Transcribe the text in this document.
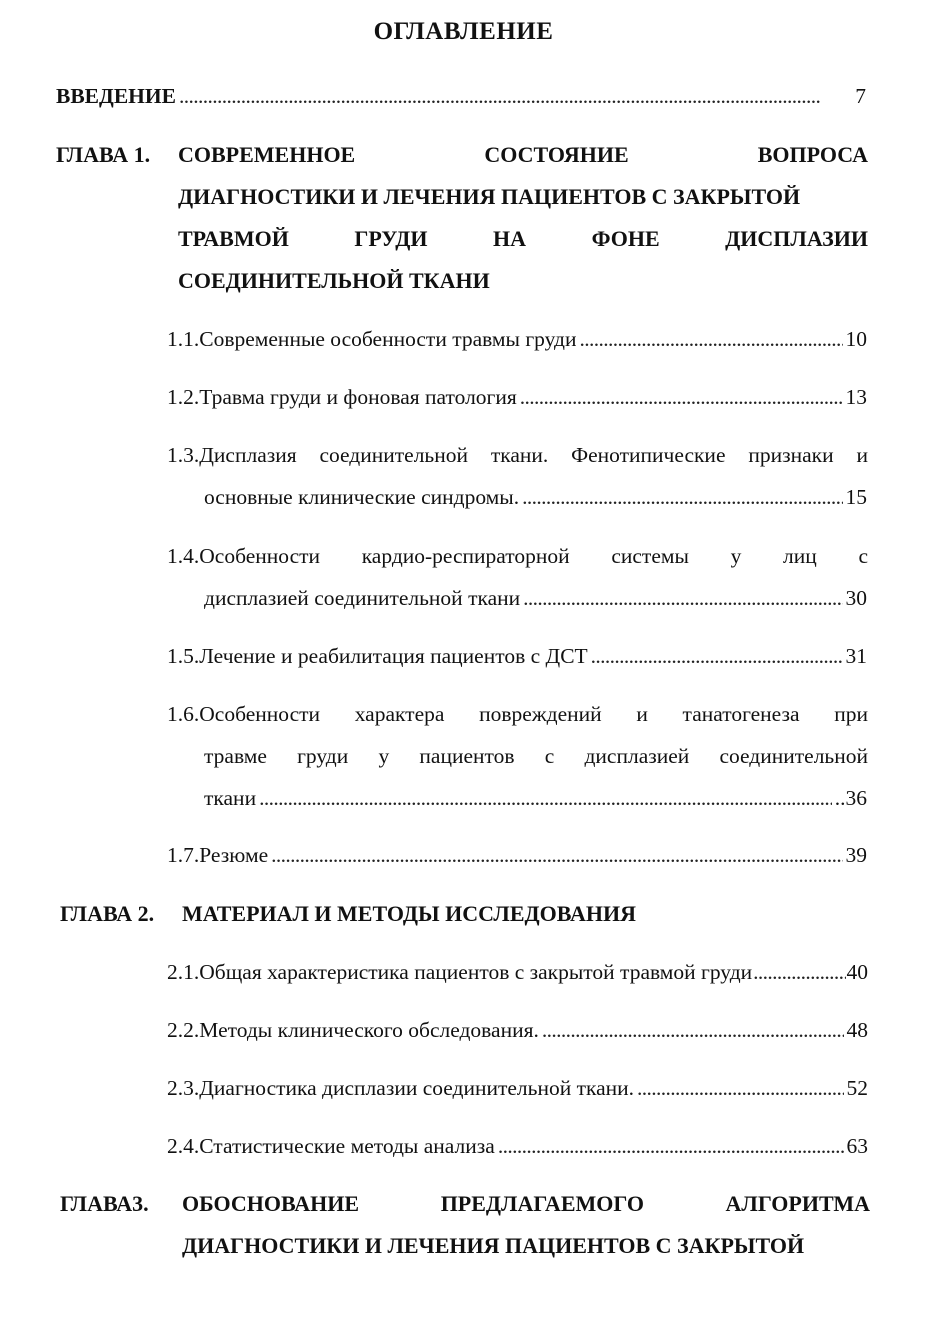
ОГЛАВЛЕНИЕ
ВВЕДЕНИЕ . . .	7
ГЛАВА 1. СОВРЕМЕННОЕ	СОСТОЯНИЕ	ВОПРОСА
ДИАГНОСТИКИ И ЛЕЧЕНИЯ ПАЦИЕНТОВ С ЗАКРЫТОЙ
ТРАВМОЙ	ГРУДИ	НА	ФОНЕ	ДИСПЛАЗИИ
СОЕДИНИТЕЛЬНОЙ ТКАНИ
1.1.Современные особенности травмы груди . . .	10
1.2.Травма груди и фоновая патология . . .	13
1.3.Дисплазия соединительной ткани. Фенотипические признаки и
основные клинические синдромы. . . .	15
1.4.Особенности кардио-респираторной системы у лиц с
дисплазией соединительной ткани . . .	30
1.5.Лечение и реабилитация пациентов с ДСТ . . .	31
1.6.Особенности характера повреждений и танатогенеза при
травме груди у пациентов с дисплазией соединительной
ткани . . .	..36
1.7.Резюме . . .	39
ГЛАВА 2. МАТЕРИАЛ И МЕТОДЫ ИССЛЕДОВАНИЯ
2.1.Общая характеристика пациентов с закрытой травмой груди . . .	40
2.2.Методы клинического обследования. . . .	48
2.3.Диагностика дисплазии соединительной ткани. . . .	52
2.4.Статистические методы анализа . . .	63
ГЛАВА3. ОБОСНОВАНИЕ	ПРЕДЛАГАЕМОГО	АЛГОРИТМА
ДИАГНОСТИКИ И ЛЕЧЕНИЯ ПАЦИЕНТОВ С ЗАКРЫТОЙ
